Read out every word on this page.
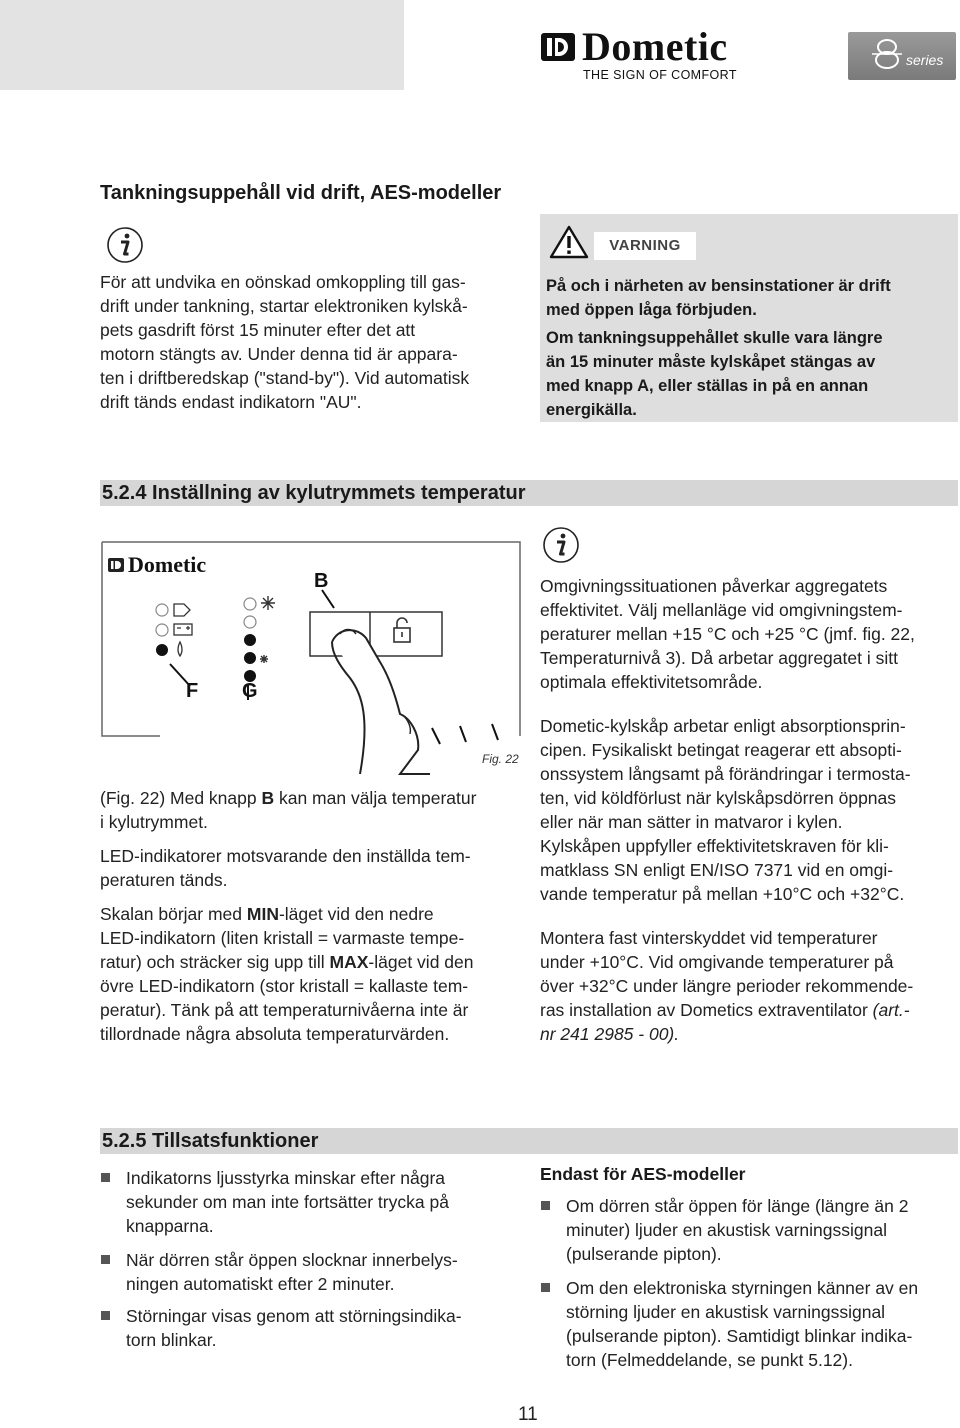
Dometic
THE SIGN OF COMFORT
series
Tankningsuppehåll vid drift, AES-modeller
För att undvika en oönskad omkoppling till gas-
drift under tankning, startar elektroniken kylskå-
pets gasdrift först 15 minuter efter det att
motorn stängts av. Under denna tid är appara-
ten i driftberedskap ("stand-by"). Vid automatisk
drift tänds endast indikatorn "AU".
VARNING
På och i närheten av bensinstationer är drift
med öppen låga förbjuden.
Om tankningsuppehållet skulle vara längre
än 15 minuter måste kylskåpet stängas av
med knapp A, eller ställas in på en annan
energikälla.
5.2.4 Inställning av kylutrymmets temperatur
Dometic
B
F G
Fig. 22
(Fig. 22) Med knapp B kan man välja temperatur
i kylutrymmet.
LED-indikatorer motsvarande den inställda tem-
peraturen tänds.
Skalan börjar med MIN-läget vid den nedre
LED-indikatorn (liten kristall = varmaste tempe-
ratur) och sträcker sig upp till MAX-läget vid den
övre LED-indikatorn (stor kristall = kallaste tem-
peratur). Tänk på att temperaturnivåerna inte är
tillordnade några absoluta temperaturvärden.
Omgivningssituationen påverkar aggregatets
effektivitet. Välj mellanläge vid omgivningstem-
peraturer mellan +15 °C och +25 °C (jmf. fig. 22,
Temperaturnivå 3). Då arbetar aggregatet i sitt
optimala effektivitetsområde.
Dometic-kylskåp arbetar enligt absorptionsprin-
cipen. Fysikaliskt betingat reagerar ett absopti-
onssystem långsamt på förändringar i termosta-
ten, vid köldförlust när kylskåpsdörren öppnas
eller när man sätter in matvaror i kylen.
Kylskåpen uppfyller effektivitetskraven för kli-
matklass SN enligt EN/ISO 7371 vid en omgi-
vande temperatur på mellan +10°C och +32°C.
Montera fast vinterskyddet vid temperaturer
under +10°C. Vid omgivande temperaturer på
över +32°C under längre perioder rekommende-
ras installation av Dometics extraventilator (art.-
nr 241 2985 - 00).
5.2.5 Tillsatsfunktioner
Indikatorns ljusstyrka minskar efter några
sekunder om man inte fortsätter trycka på
knapparna.
När dörren står öppen slocknar innerbelys-
ningen automatiskt efter 2 minuter.
Störningar visas genom att störningsindika-
torn blinkar.
Endast för AES-modeller
Om dörren står öppen för länge (längre än 2
minuter) ljuder en akustisk varningssignal
(pulserande pipton).
Om den elektroniska styrningen känner av en
störning ljuder en akustisk varningssignal
(pulserande pipton). Samtidigt blinkar indika-
torn (Felmeddelande, se punkt 5.12).
11
